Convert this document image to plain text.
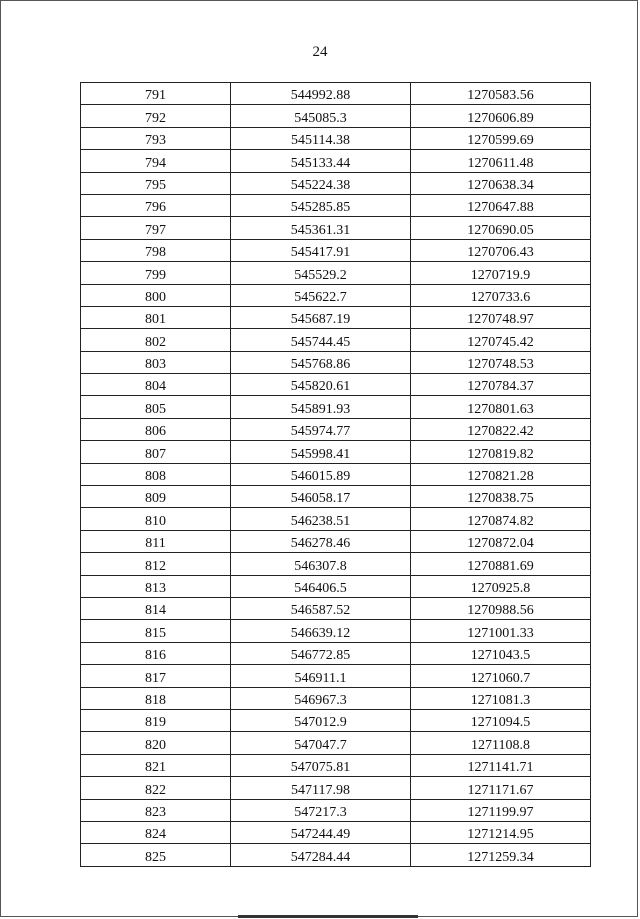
24
791	544992.88	1270583.56
792	545085.3	1270606.89
793	545114.38	1270599.69
794	545133.44	1270611.48
795	545224.38	1270638.34
796	545285.85	1270647.88
797	545361.31	1270690.05
798	545417.91	1270706.43
799	545529.2	1270719.9
800	545622.7	1270733.6
801	545687.19	1270748.97
802	545744.45	1270745.42
803	545768.86	1270748.53
804	545820.61	1270784.37
805	545891.93	1270801.63
806	545974.77	1270822.42
807	545998.41	1270819.82
808	546015.89	1270821.28
809	546058.17	1270838.75
810	546238.51	1270874.82
811	546278.46	1270872.04
812	546307.8	1270881.69
813	546406.5	1270925.8
814	546587.52	1270988.56
815	546639.12	1271001.33
816	546772.85	1271043.5
817	546911.1	1271060.7
818	546967.3	1271081.3
819	547012.9	1271094.5
820	547047.7	1271108.8
821	547075.81	1271141.71
822	547117.98	1271171.67
823	547217.3	1271199.97
824	547244.49	1271214.95
825	547284.44	1271259.34
